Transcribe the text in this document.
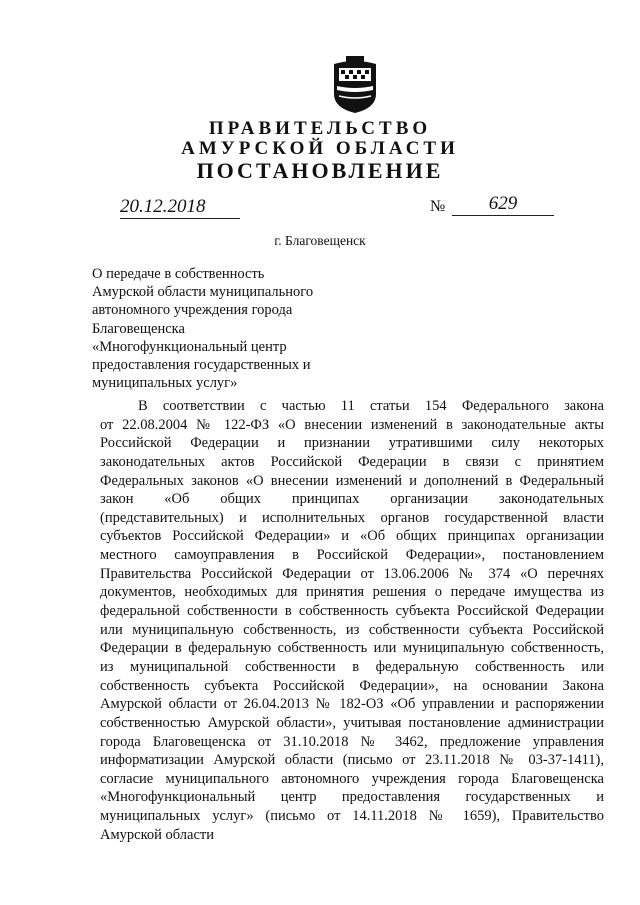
ПРАВИТЕЛЬСТВО
АМУРСКОЙ ОБЛАСТИ
ПОСТАНОВЛЕНИЕ
20.12.2018	№	629
г. Благовещенск
О передаче в собственность
Амурской области муниципального
автономного учреждения города
Благовещенска
«Многофункциональный центр
предоставления государственных и
муниципальных услуг»
В соответствии с частью 11 статьи 154 Федерального закона
от 22.08.2004 № 122-ФЗ «О внесении изменений в законодательные акты
Российской Федерации и признании утратившими силу некоторых
законодательных актов Российской Федерации в связи с принятием
Федеральных законов «О внесении изменений и дополнений в Федеральный
закон «Об общих принципах организации законодательных
(представительных) и исполнительных органов государственной власти
субъектов Российской Федерации» и «Об общих принципах организации
местного самоуправления в Российской Федерации», постановлением
Правительства Российской Федерации от 13.06.2006 № 374 «О перечнях
документов, необходимых для принятия решения о передаче имущества из
федеральной собственности в собственность субъекта Российской Федерации
или муниципальную собственность, из собственности субъекта Российской
Федерации в федеральную собственность или муниципальную собственность,
из муниципальной собственности в федеральную собственность или
собственность субъекта Российской Федерации», на основании Закона
Амурской области от 26.04.2013 № 182-ОЗ «Об управлении и распоряжении
собственностью Амурской области», учитывая постановление администрации
города Благовещенска от 31.10.2018 № 3462, предложение управления
информатизации Амурской области (письмо от 23.11.2018 № 03-37-1411),
согласие муниципального автономного учреждения города Благовещенска
«Многофункциональный центр предоставления государственных и
муниципальных услуг» (письмо от 14.11.2018 № 1659), Правительство
Амурской области
